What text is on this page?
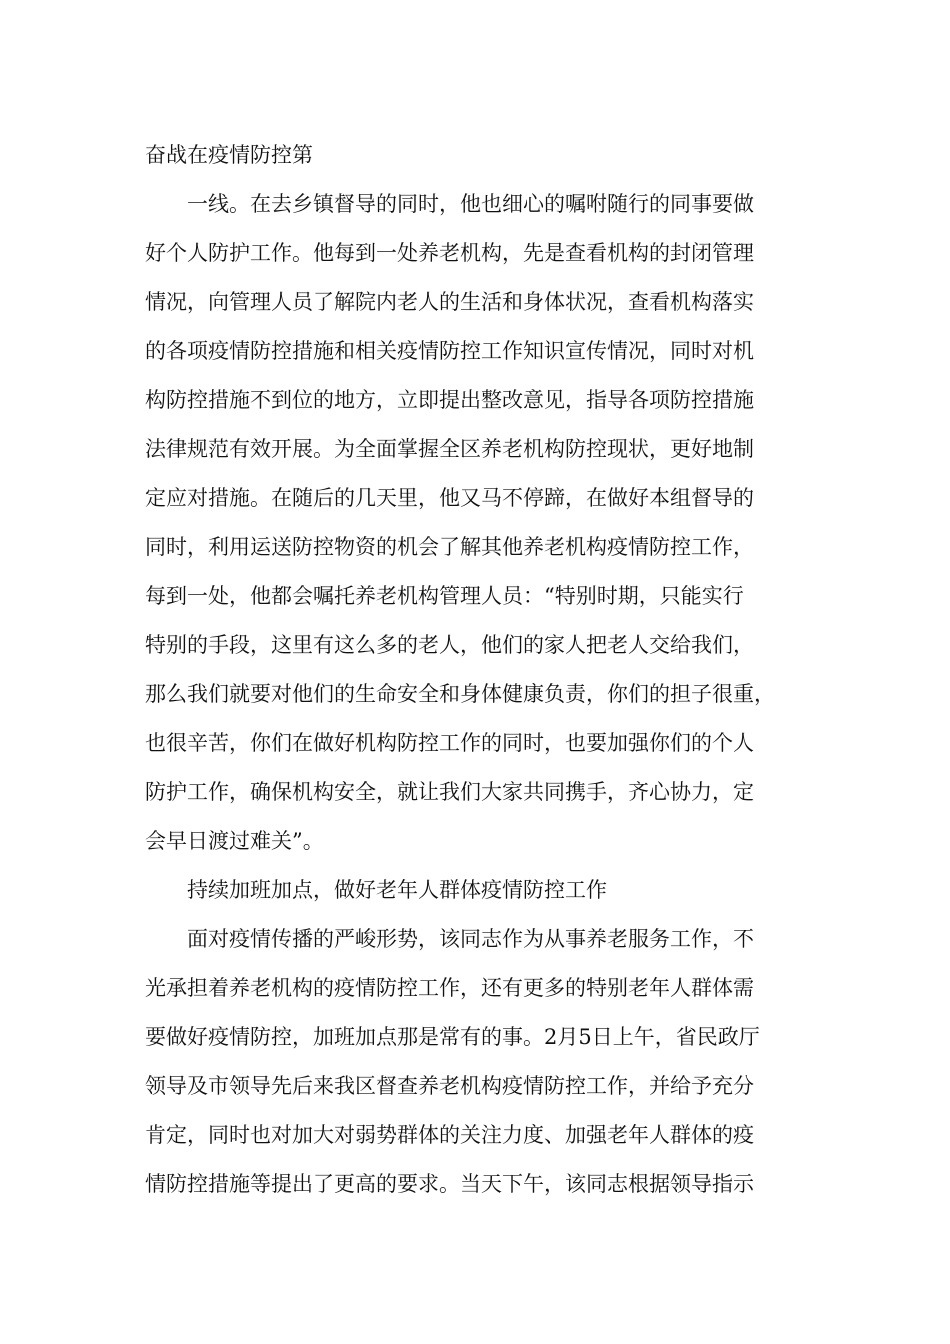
奋战在疫情防控第
　　一线。在去乡镇督导的同时，他也细心的嘱咐随行的同事要做
好个人防护工作。他每到一处养老机构，先是查看机构的封闭管理
情况，向管理人员了解院内老人的生活和身体状况，查看机构落实
的各项疫情防控措施和相关疫情防控工作知识宣传情况，同时对机
构防控措施不到位的地方，立即提出整改意见，指导各项防控措施
法律规范有效开展。为全面掌握全区养老机构防控现状，更好地制
定应对措施。在随后的几天里，他又马不停蹄，在做好本组督导的
同时，利用运送防控物资的机会了解其他养老机构疫情防控工作，
每到一处，他都会嘱托养老机构管理人员：“特别时期，只能实行
特别的手段，这里有这么多的老人，他们的家人把老人交给我们，
那么我们就要对他们的生命安全和身体健康负责，你们的担子很重，
也很辛苦，你们在做好机构防控工作的同时，也要加强你们的个人
防护工作，确保机构安全，就让我们大家共同携手，齐心协力，定
会早日渡过难关”。
　　持续加班加点，做好老年人群体疫情防控工作
　　面对疫情传播的严峻形势，该同志作为从事养老服务工作，不
光承担着养老机构的疫情防控工作，还有更多的特别老年人群体需
要做好疫情防控，加班加点那是常有的事。2月5日上午，省民政厅
领导及市领导先后来我区督查养老机构疫情防控工作，并给予充分
肯定，同时也对加大对弱势群体的关注力度、加强老年人群体的疫
情防控措施等提出了更高的要求。当天下午，该同志根据领导指示
